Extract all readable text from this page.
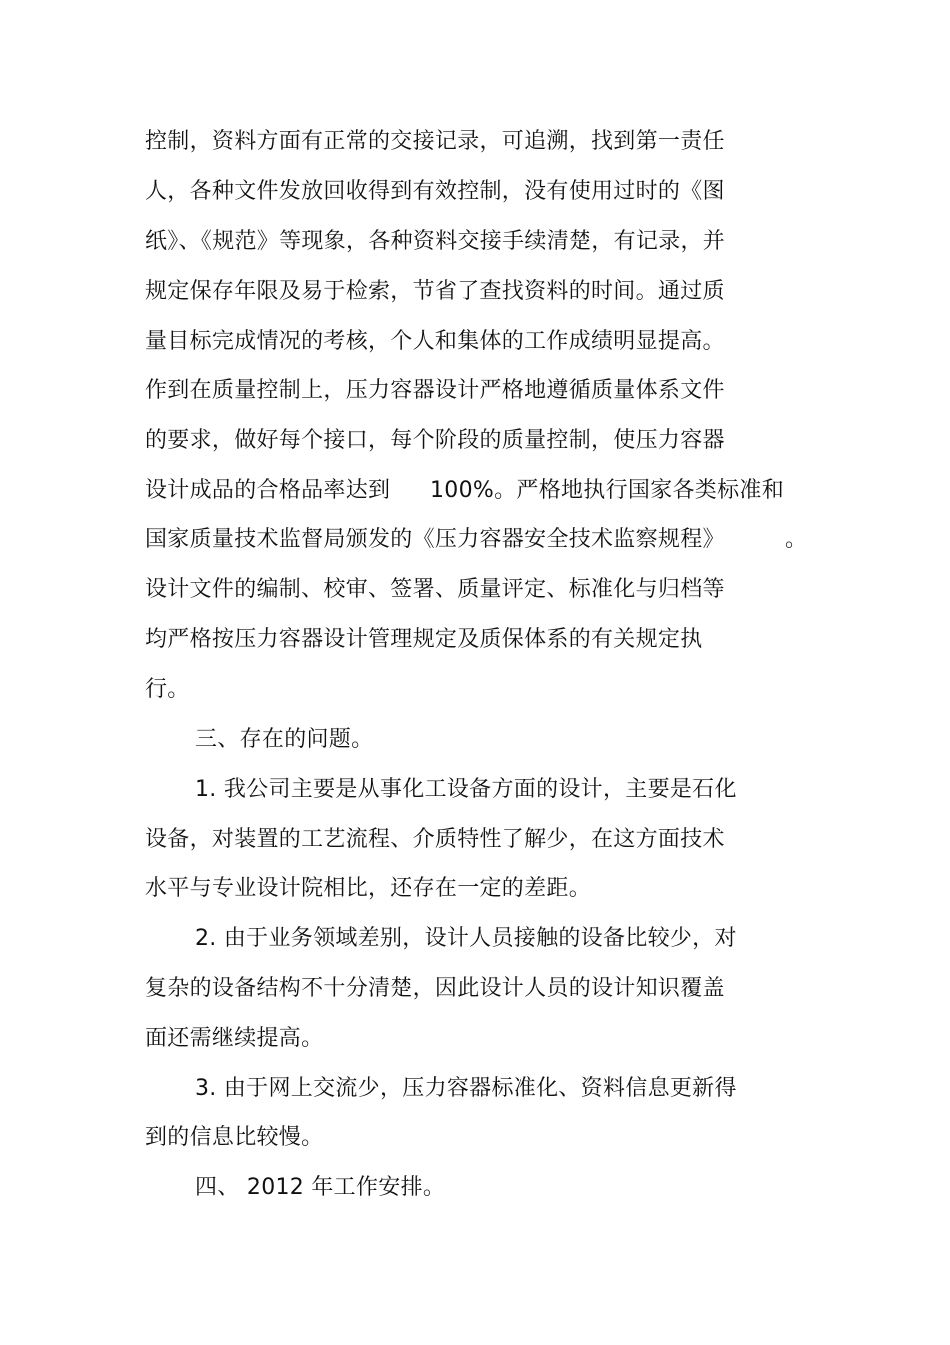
控制，资料方面有正常的交接记录，可追溯，找到第一责任
人，各种文件发放回收得到有效控制，没有使用过时的《图
纸》、《规范》等现象，各种资料交接手续清楚，有记录，并
规定保存年限及易于检索，节省了查找资料的时间。通过质
量目标完成情况的考核，个人和集体的工作成绩明显提高。
作到在质量控制上，压力容器设计严格地遵循质量体系文件
的要求，做好每个接口，每个阶段的质量控制，使压力容器

设计成品的合格品率达到

100%。严格地执行国家各类标准和

国家质量技术监督局颁发的《压力容器安全技术监察规程》

	。

设计文件的编制、校审、签署、质量评定、标准化与归档等
均严格按压力容器设计管理规定及质保体系的有关规定执
行。
三、存在的问题。
1. 我公司主要是从事化工设备方面的设计，主要是石化
设备，对装置的工艺流程、介质特性了解少，在这方面技术
水平与专业设计院相比，还存在一定的差距。
2. 由于业务领域差别，设计人员接触的设备比较少，对
复杂的设备结构不十分清楚，因此设计人员的设计知识覆盖
面还需继续提高。
3. 由于网上交流少，压力容器标准化、资料信息更新得
到的信息比较慢。
四、 2012 年工作安排。
